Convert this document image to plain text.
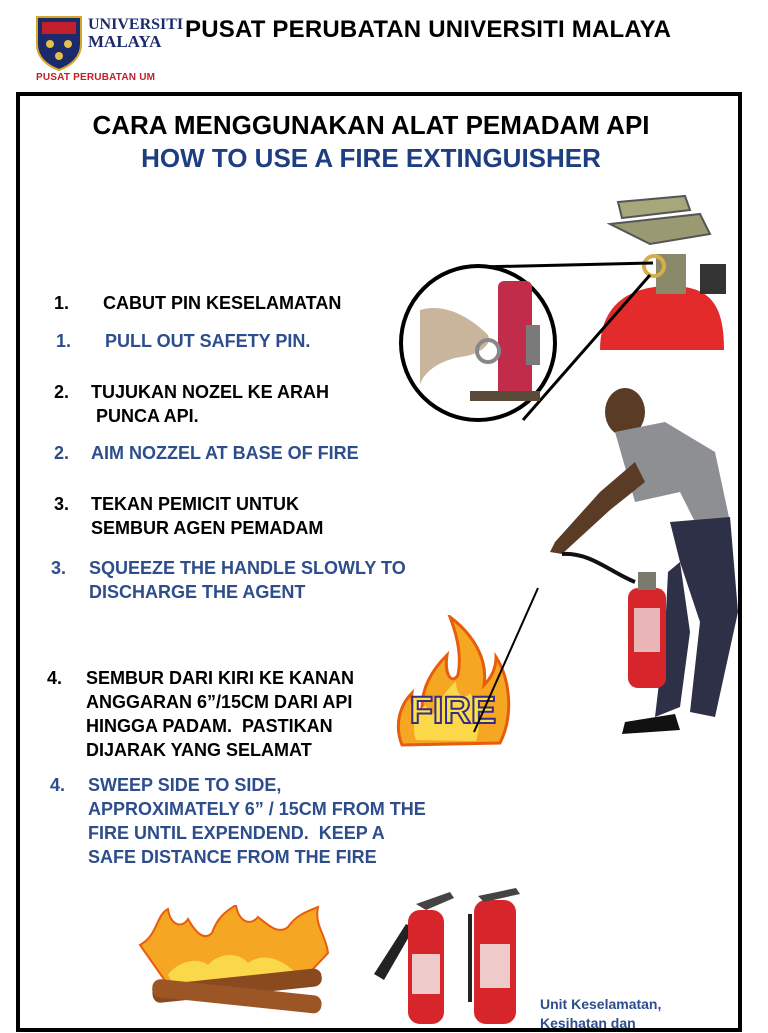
UNIVERSITI
MALAYA
PUSAT PERUBATAN UM
PUSAT PERUBATAN UNIVERSITI MALAYA
CARA MENGGUNAKAN ALAT PEMADAM API
HOW TO USE A FIRE EXTINGUISHER
1. CABUT PIN KESELAMATAN
1. PULL OUT SAFETY PIN.
2. TUJUKAN NOZEL KE ARAH
PUNCA API.
2. AIM NOZZEL AT BASE OF FIRE
3. TEKAN PEMICIT UNTUK
SEMBUR AGEN PEMADAM
3. SQUEEZE THE HANDLE SLOWLY TO
DISCHARGE THE AGENT
4. SEMBUR DARI KIRI KE KANAN
ANGGARAN 6”/15CM DARI API
HINGGA PADAM.  PASTIKAN
DIJARAK YANG SELAMAT
4. SWEEP SIDE TO SIDE,
APPROXIMATELY 6” / 15CM FROM THE
FIRE UNTIL EXPENDEND.  KEEP A
SAFE DISTANCE FROM THE FIRE
FIRE
Unit Keselamatan,
Kesihatan dan
